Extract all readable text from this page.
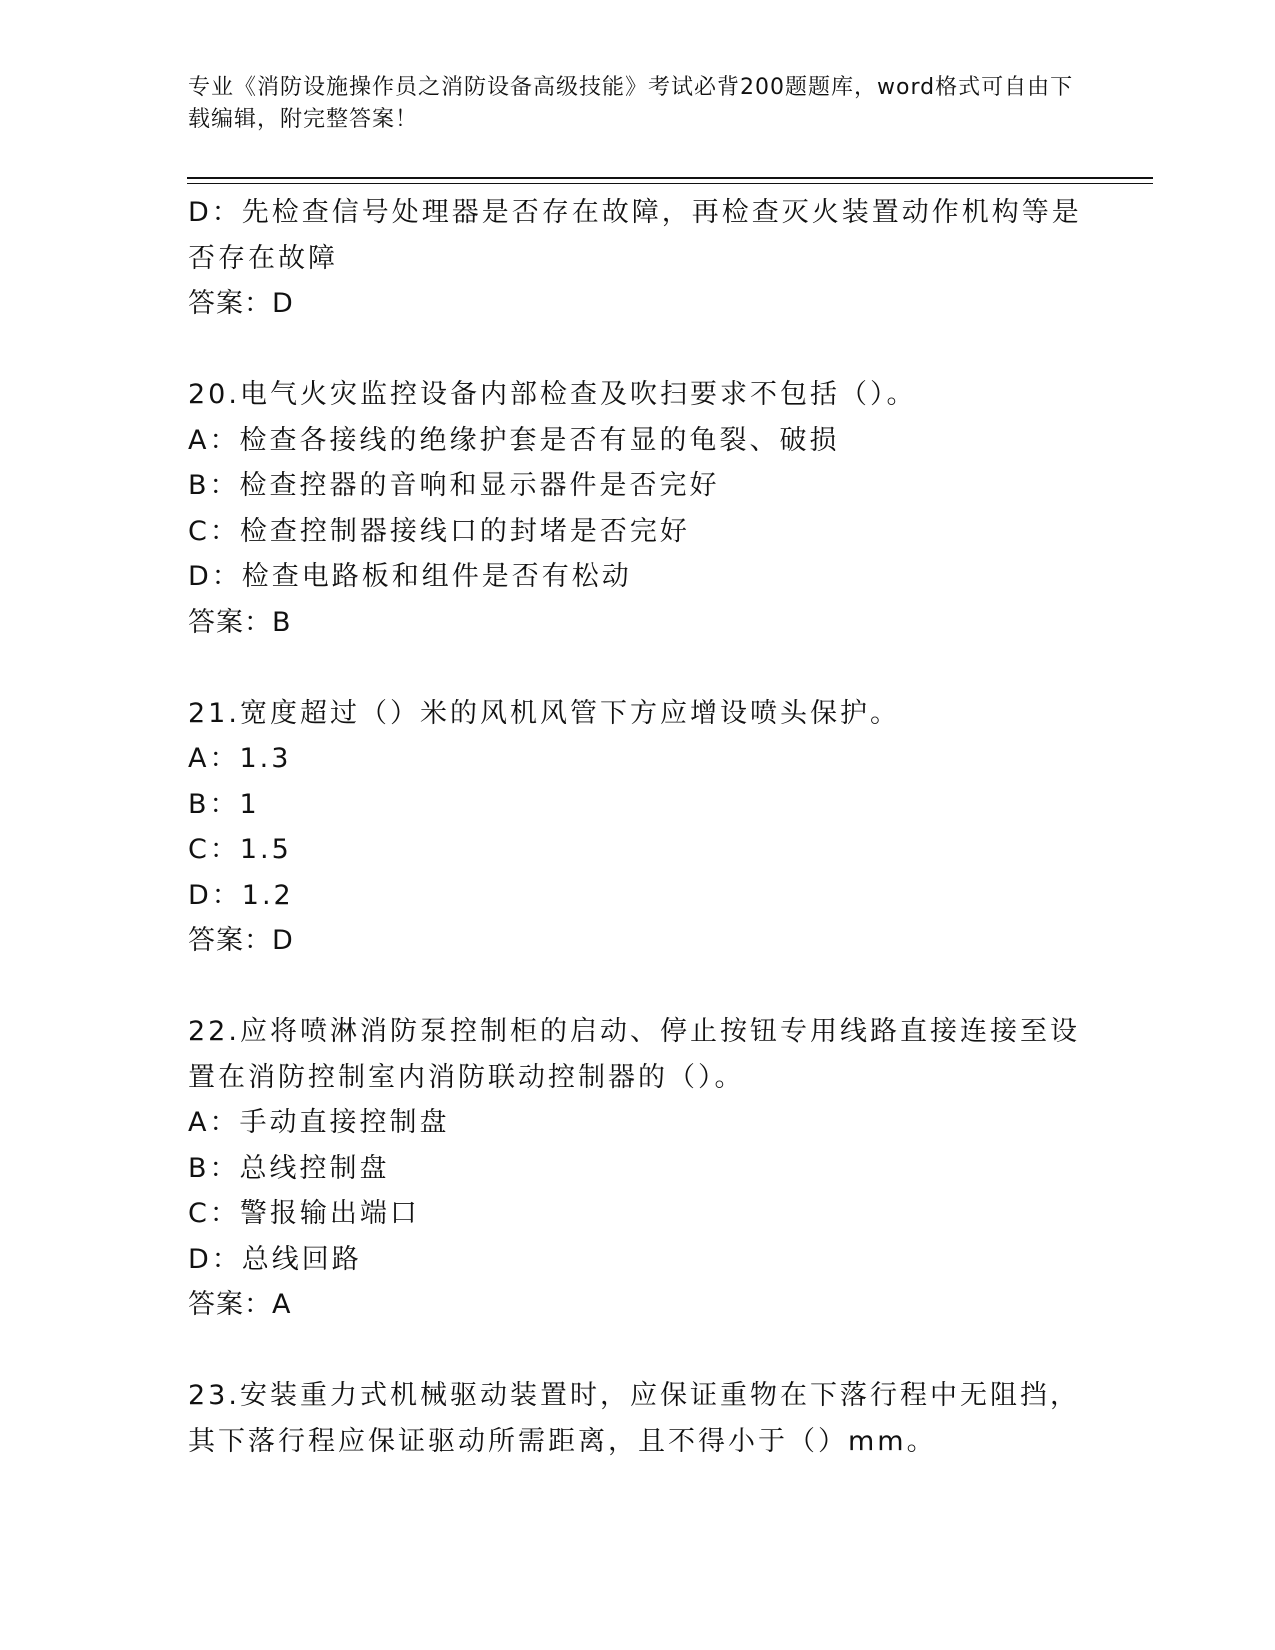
专业《消防设施操作员之消防设备高级技能》考试必背200题题库，word格式可自由下载编辑，附完整答案！
D：先检查信号处理器是否存在故障，再检查灭火装置动作机构等是否存在故障
答案：D
20.电气火灾监控设备内部检查及吹扫要求不包括（）。
A：检查各接线的绝缘护套是否有显的龟裂、破损
B：检查控器的音响和显示器件是否完好
C：检查控制器接线口的封堵是否完好
D：检查电路板和组件是否有松动
答案：B
21.宽度超过（）米的风机风管下方应增设喷头保护。
A：1.3
B：1
C：1.5
D：1.2
答案：D
22.应将喷淋消防泵控制柜的启动、停止按钮专用线路直接连接至设置在消防控制室内消防联动控制器的（）。
A：手动直接控制盘
B：总线控制盘
C：警报输出端口
D：总线回路
答案：A
23.安装重力式机械驱动装置时，应保证重物在下落行程中无阻挡，其下落行程应保证驱动所需距离，且不得小于（）mm。
